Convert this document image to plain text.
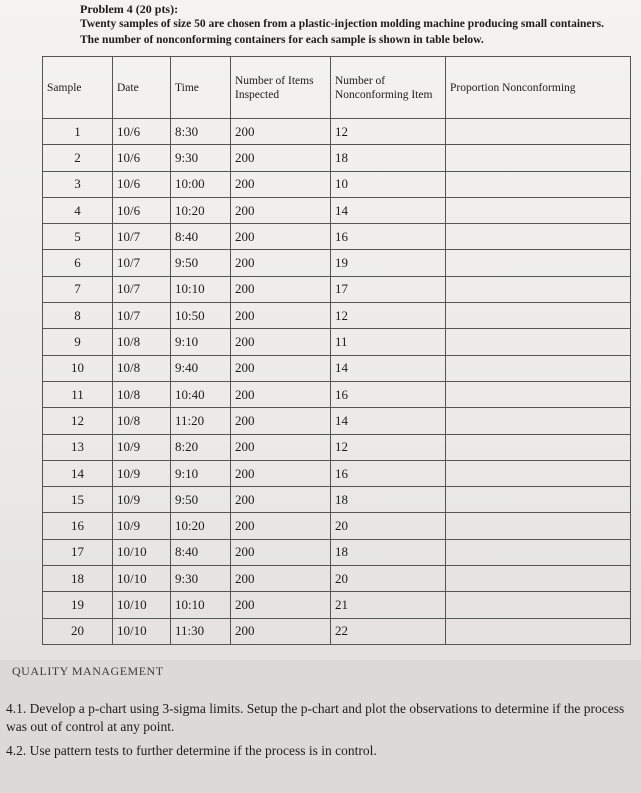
Problem 4 (20 pts):
Twenty samples of size 50 are chosen from a plastic-injection molding machine producing small containers. The number of nonconforming containers for each sample is shown in table below.
Sample	Date	Time	Number of Items Inspected	Number of Nonconforming Item	Proportion Nonconforming
1	10/6	8:30	200	12	
2	10/6	9:30	200	18	
3	10/6	10:00	200	10	
4	10/6	10:20	200	14	
5	10/7	8:40	200	16	
6	10/7	9:50	200	19	
7	10/7	10:10	200	17	
8	10/7	10:50	200	12	
9	10/8	9:10	200	11	
10	10/8	9:40	200	14	
11	10/8	10:40	200	16	
12	10/8	11:20	200	14	
13	10/9	8:20	200	12	
14	10/9	9:10	200	16	
15	10/9	9:50	200	18	
16	10/9	10:20	200	20	
17	10/10	8:40	200	18	
18	10/10	9:30	200	20	
19	10/10	10:10	200	21	
20	10/10	11:30	200	22	
QUALITY MANAGEMENT
4.1. Develop a p-chart using 3-sigma limits. Setup the p-chart and plot the observations to determine if the process was out of control at any point.
4.2. Use pattern tests to further determine if the process is in control.
